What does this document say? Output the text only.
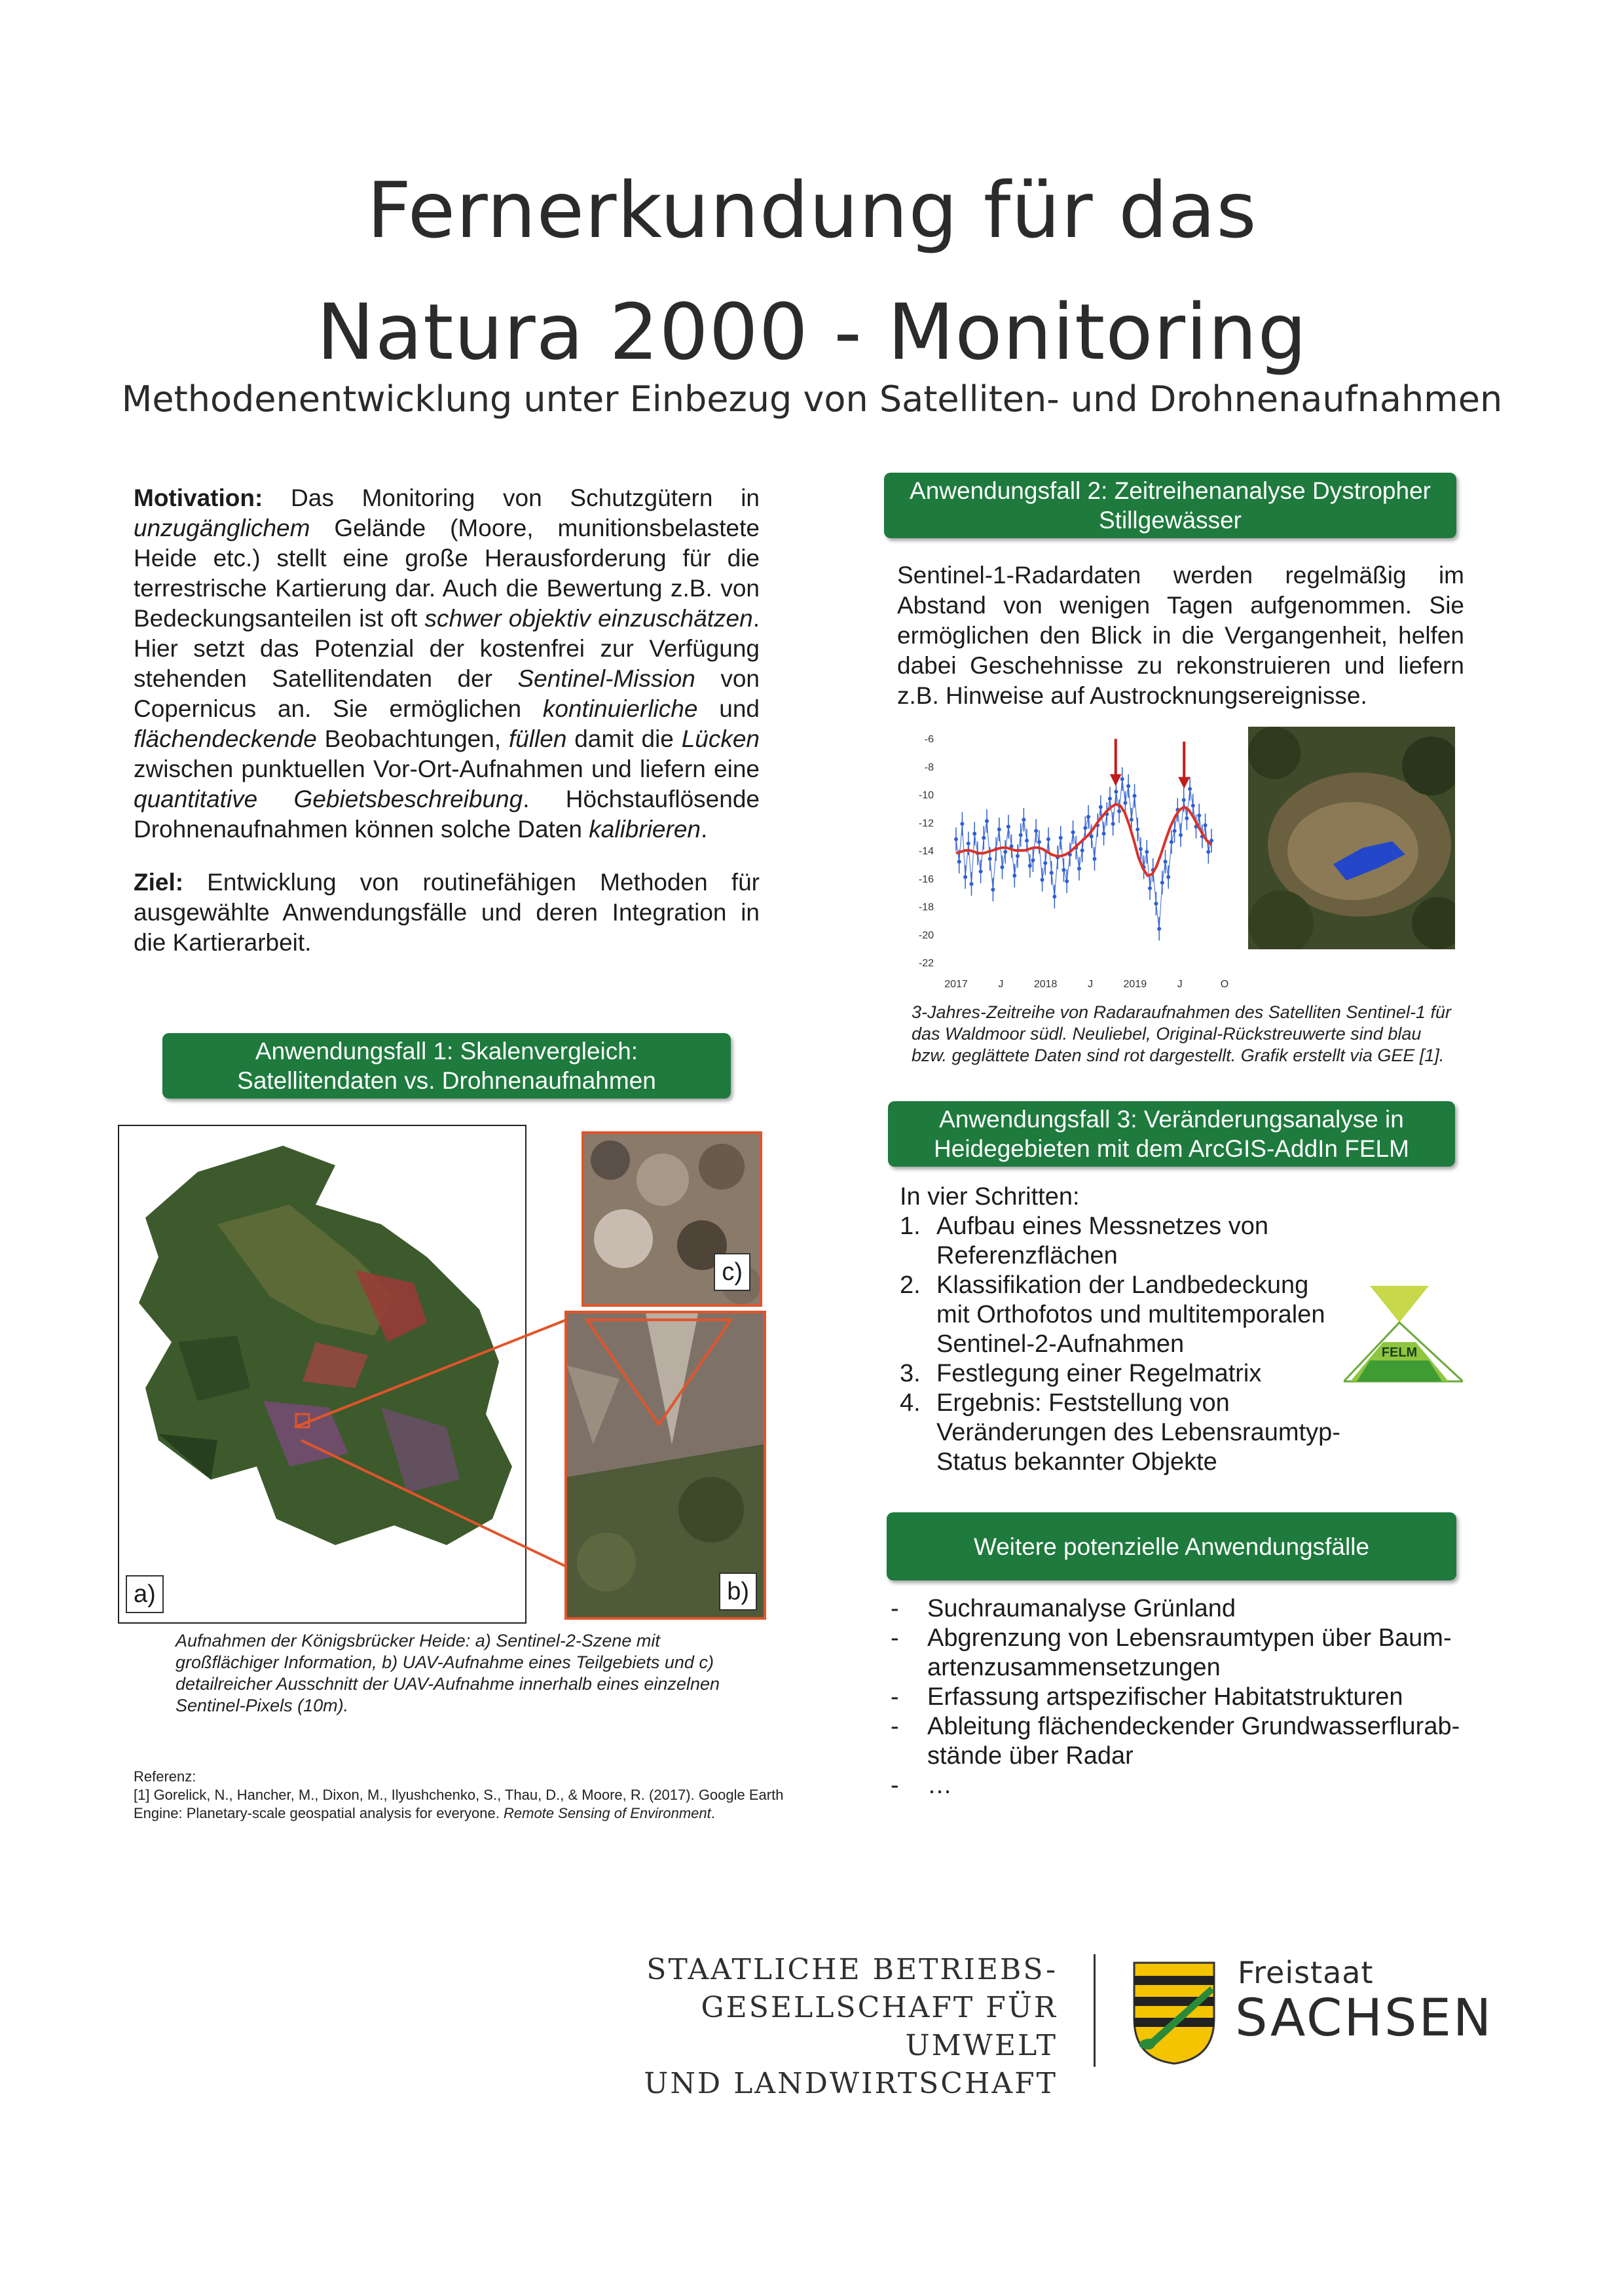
Fernerkundung für das
Natura 2000 - Monitoring
Methodenentwicklung unter Einbezug von Satelliten- und Drohnenaufnahmen
Motivation: Das Monitoring von Schutzgütern in unzugänglichem Gelände (Moore, munitionsbelastete Heide etc.) stellt eine große Herausforderung für die terrestrische Kartierung dar. Auch die Bewertung z.B. von Bedeckungsanteilen ist oft schwer objektiv einzuschätzen. Hier setzt das Potenzial der kostenfrei zur Verfügung stehenden Satellitendaten der Sentinel-Mission von Copernicus an. Sie ermöglichen kontinuierliche und flächendeckende Beobachtungen, füllen damit die Lücken zwischen punktuellen Vor-Ort-Aufnahmen und liefern eine quantitative Gebietsbeschreibung. Höchstauflösende Drohnenaufnahmen können solche Daten kalibrieren.
Ziel: Entwicklung von routinefähigen Methoden für ausgewählte Anwendungsfälle und deren Integration in die Kartierarbeit.
Anwendungsfall 1: Skalenvergleich:
Satellitendaten vs. Drohnenaufnahmen
a)
c)
b)
Aufnahmen der Königsbrücker Heide: a) Sentinel-2-Szene mit großflächiger Information, b) UAV-Aufnahme eines Teilgebiets und c) detailreicher Ausschnitt der UAV-Aufnahme innerhalb eines einzelnen Sentinel-Pixels (10m).
Referenz:
[1] Gorelick, N., Hancher, M., Dixon, M., Ilyushchenko, S., Thau, D., & Moore, R. (2017). Google Earth Engine: Planetary-scale geospatial analysis for everyone. Remote Sensing of Environment.
Anwendungsfall 2: Zeitreihenanalyse Dystropher
Stillgewässer
Sentinel-1-Radardaten werden regelmäßig im Abstand von wenigen Tagen aufgenommen. Sie ermöglichen den Blick in die Vergangenheit, helfen dabei Geschehnisse zu rekonstruieren und liefern z.B. Hinweise auf Austrocknungsereignisse.
-6
-8
-10
-12
-14
-16
-18
-20
-22
2017	J	2018	J	2019	J	O
3-Jahres-Zeitreihe von Radaraufnahmen des Satelliten Sentinel-1 für das Waldmoor südl. Neuliebel, Original-Rückstreuwerte sind blau bzw. geglättete Daten sind rot dargestellt. Grafik erstellt via GEE [1].
Anwendungsfall 3: Veränderungsanalyse in
Heidegebieten mit dem ArcGIS-AddIn FELM
In vier Schritten:
1. Aufbau eines Messnetzes von Referenzflächen
2. Klassifikation der Landbedeckung mit Orthofotos und multitemporalen Sentinel-2-Aufnahmen
3. Festlegung einer Regelmatrix
4. Ergebnis: Feststellung von Veränderungen des Lebensraumtyp-Status bekannter Objekte
FELM
Weitere potenzielle Anwendungsfälle
-	Suchraumanalyse Grünland
-	Abgrenzung von Lebensraumtypen über Baum-artenzusammensetzungen
-	Erfassung artspezifischer Habitatstrukturen
-	Ableitung flächendeckender Grundwasserflurab-stände über Radar
-	…
STAATLICHE BETRIEBS-
GESELLSCHAFT FÜR UMWELT
UND LANDWIRTSCHAFT
Freistaat
SACHSEN
